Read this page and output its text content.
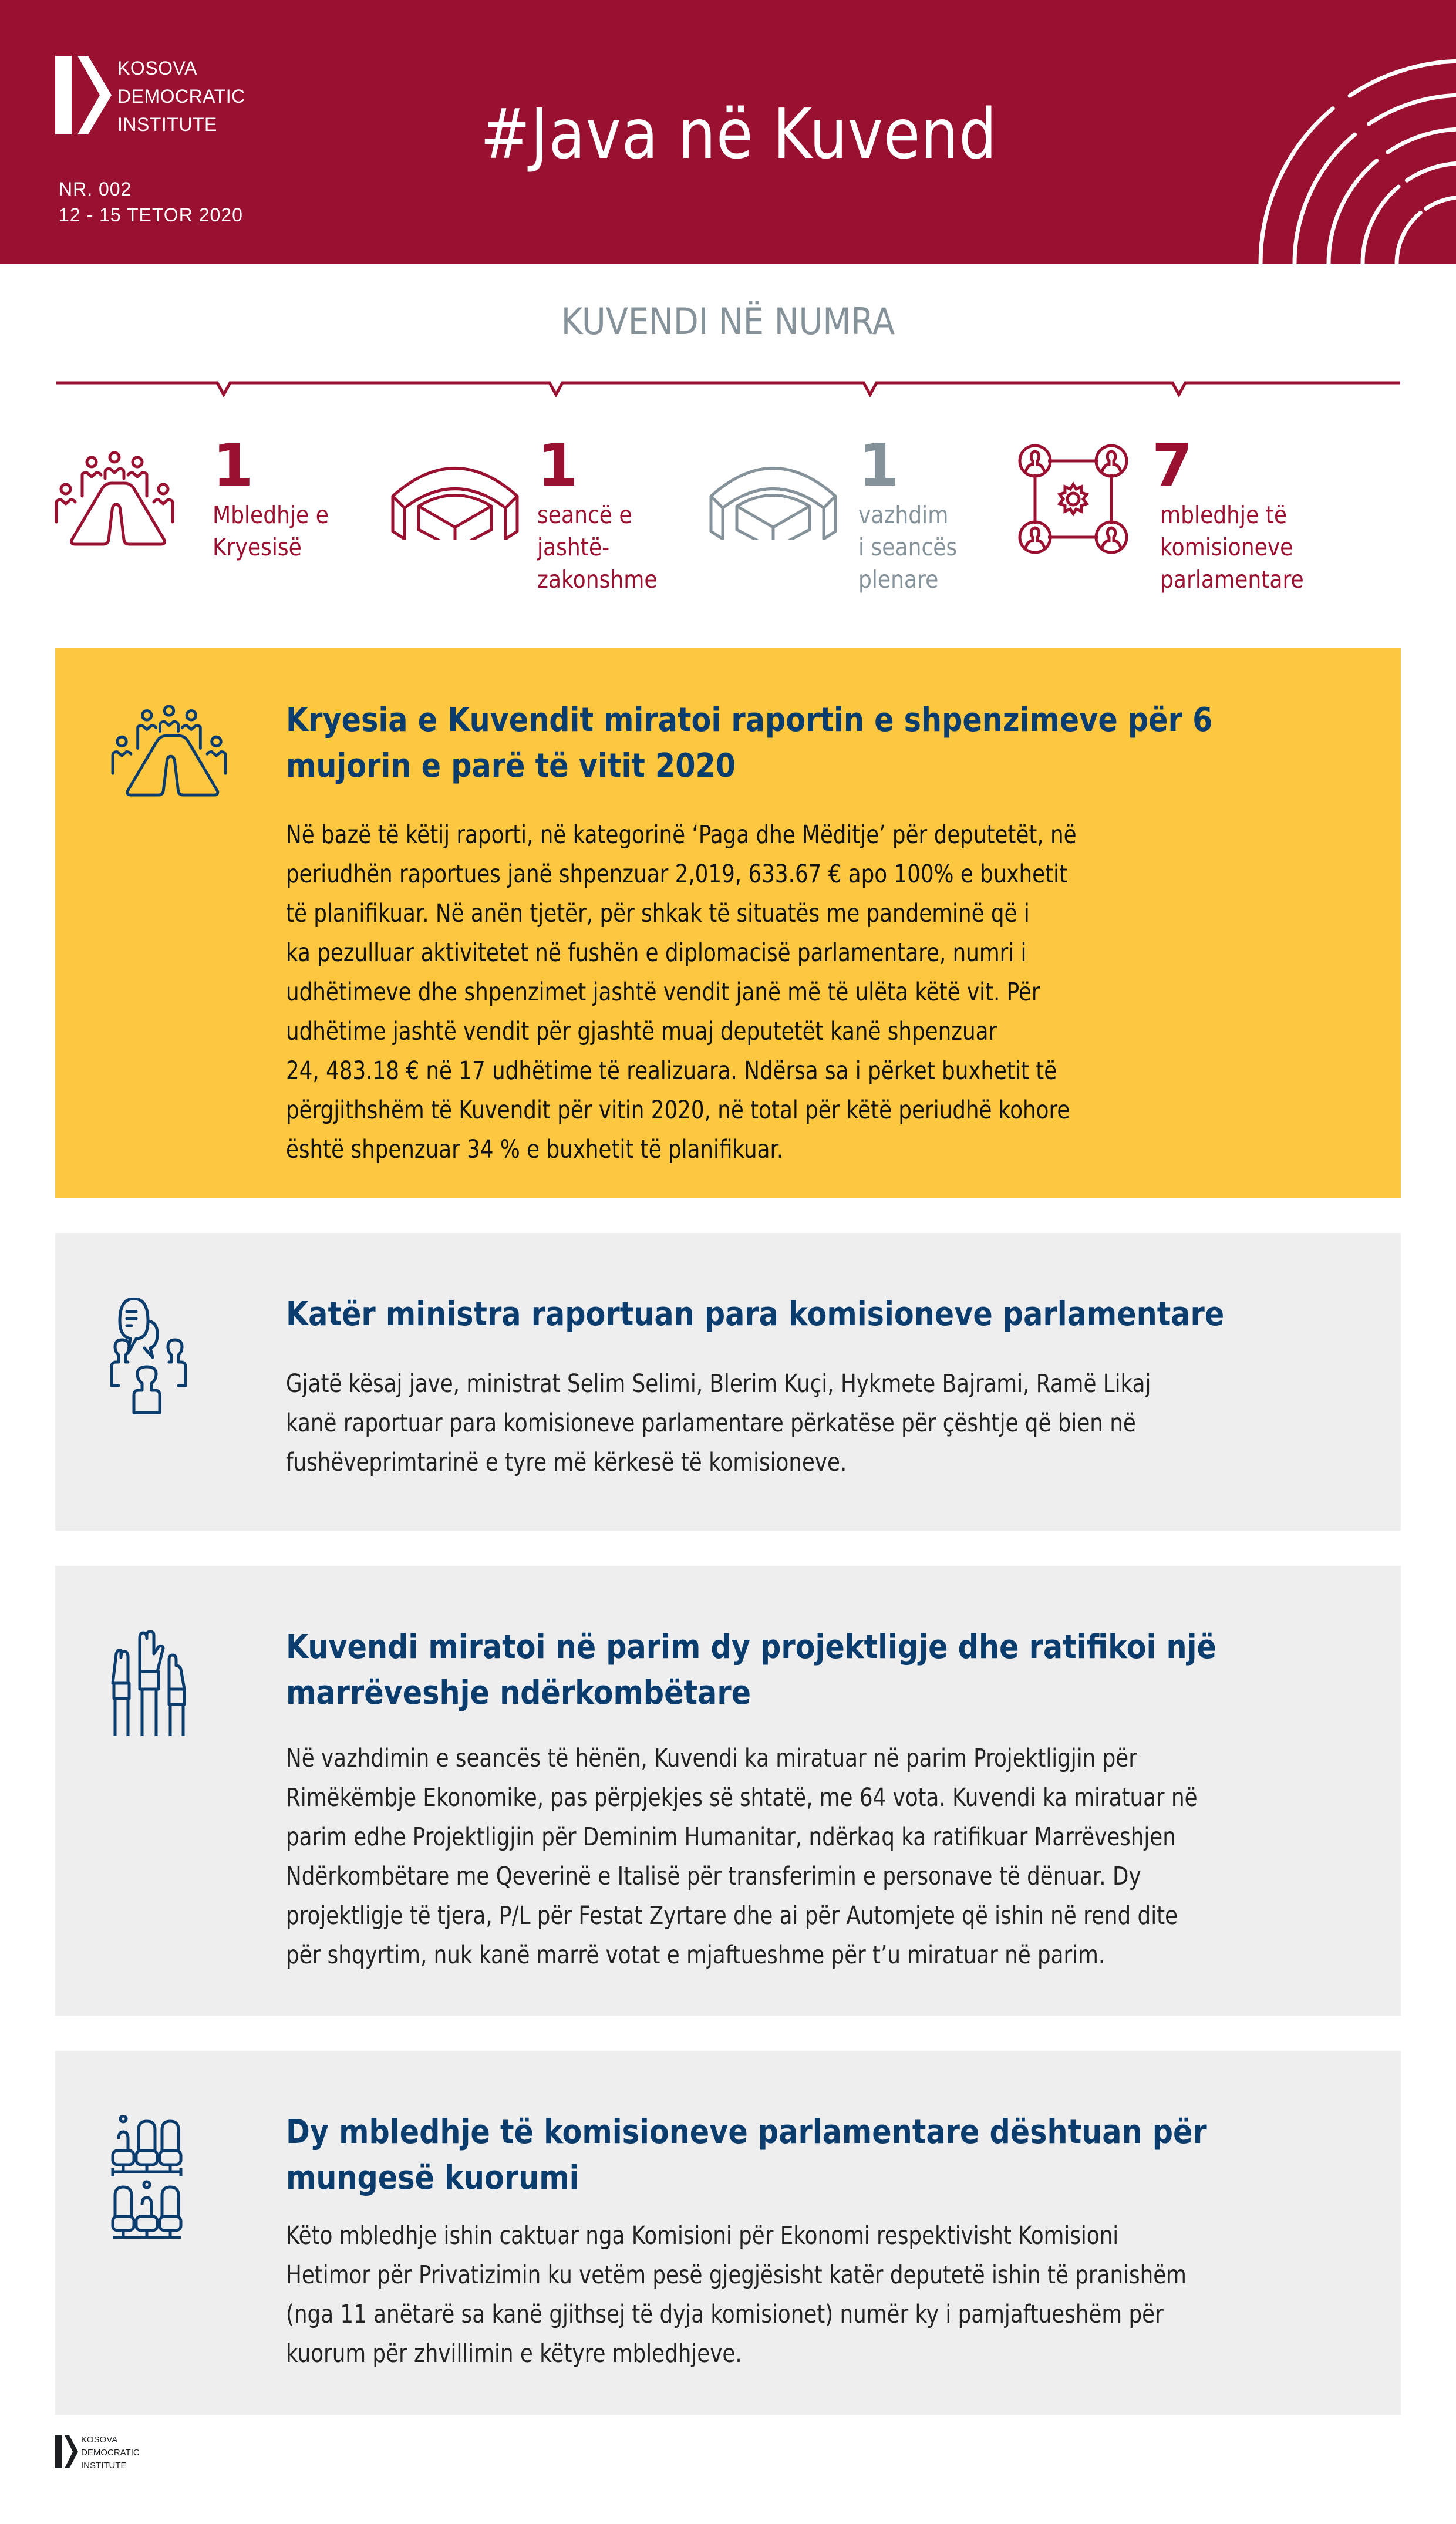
KOSOVA
DEMOCRATIC
INSTITUTE
NR. 002
12 - 15 TETOR 2020
#Java në Kuvend
KUVENDI NË NUMRA
1
Mbledhje e
Kryesisë
1
seancë e
jashtë-
zakonshme
1
vazhdim
i seancës
plenare
7
mbledhje të
komisioneve
parlamentare
Kryesia e Kuvendit miratoi raportin e shpenzimeve për 6
mujorin e parë të vitit 2020
Në bazë të këtij raporti, në kategorinë ‘Paga dhe Mëditje’ për deputetët, në
periudhën raportues janë shpenzuar 2,019, 633.67 € apo 100% e buxhetit
të planifikuar. Në anën tjetër, për shkak të situatës me pandeminë që i
ka pezulluar aktivitetet në fushën e diplomacisë parlamentare, numri i
udhëtimeve dhe shpenzimet jashtë vendit janë më të ulëta këtë vit. Për
udhëtime jashtë vendit për gjashtë muaj deputetët kanë shpenzuar
24, 483.18 € në 17 udhëtime të realizuara. Ndërsa sa i përket buxhetit të
përgjithshëm të Kuvendit për vitin 2020, në total për këtë periudhë kohore
është shpenzuar 34 % e buxhetit të planifikuar.
Katër ministra raportuan para komisioneve parlamentare
Gjatë kësaj jave, ministrat Selim Selimi, Blerim Kuçi, Hykmete Bajrami, Ramë Likaj
kanë raportuar para komisioneve parlamentare përkatëse për çështje që bien në
fushëveprimtarinë e tyre më kërkesë të komisioneve.
Kuvendi miratoi në parim dy projektligje dhe ratifikoi një
marrëveshje ndërkombëtare
Në vazhdimin e seancës të hënën, Kuvendi ka miratuar në parim Projektligjin për
Rimëkëmbje Ekonomike, pas përpjekjes së shtatë, me 64 vota. Kuvendi ka miratuar në
parim edhe Projektligjin për Deminim Humanitar, ndërkaq ka ratifikuar Marrëveshjen
Ndërkombëtare me Qeverinë e Italisë për transferimin e personave të dënuar. Dy
projektligje të tjera, P/L për Festat Zyrtare dhe ai për Automjete që ishin në rend dite
për shqyrtim, nuk kanë marrë votat e mjaftueshme për t’u miratuar në parim.
Dy mbledhje të komisioneve parlamentare dështuan për
mungesë kuorumi
Këto mbledhje ishin caktuar nga Komisioni për Ekonomi respektivisht Komisioni
Hetimor për Privatizimin ku vetëm pesë gjegjësisht katër deputetë ishin të pranishëm
(nga 11 anëtarë sa kanë gjithsej të dyja komisionet) numër ky i pamjaftueshëm për
kuorum për zhvillimin e këtyre mbledhjeve.
KOSOVA
DEMOCRATIC
INSTITUTE
